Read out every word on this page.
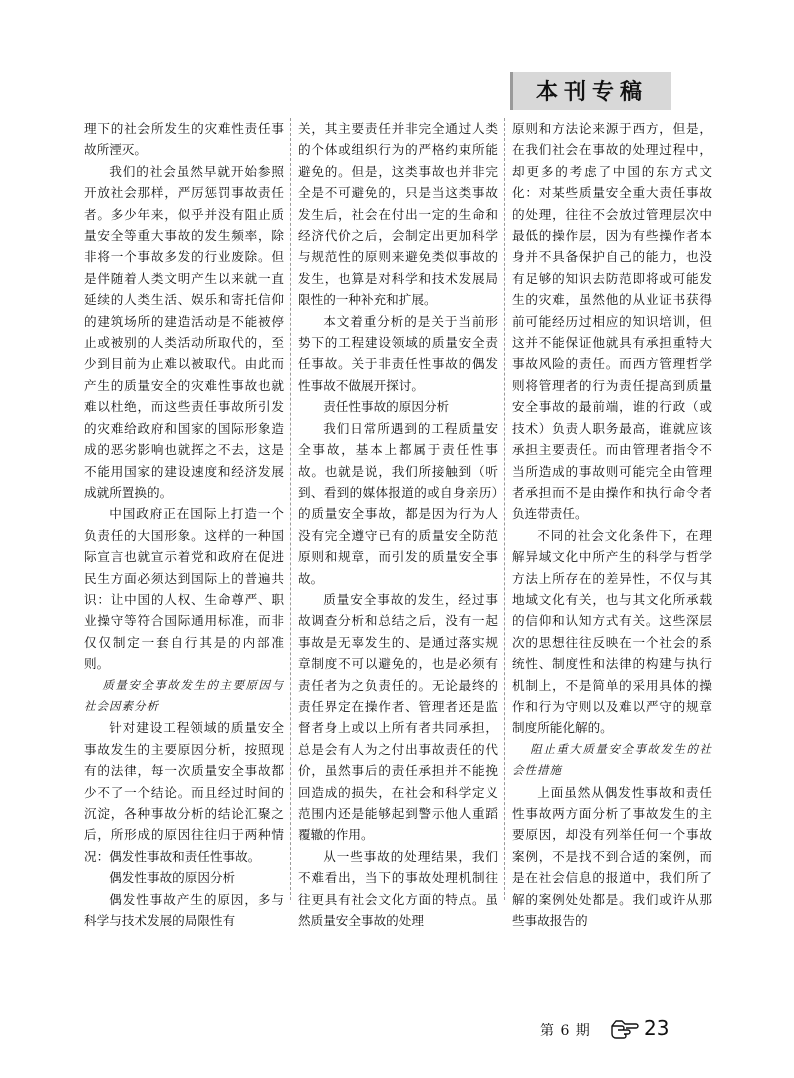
本刊专稿

理下的社会所发生的灾难性责任事故所湮灭。

我们的社会虽然早就开始参照开放社会那样，严厉惩罚事故责任者。多少年来，似乎并没有阻止质量安全等重大事故的发生频率，除非将一个事故多发的行业废除。但是伴随着人类文明产生以来就一直延续的人类生活、娱乐和寄托信仰的建筑场所的建造活动是不能被停止或被别的人类活动所取代的，至少到目前为止难以被取代。由此而产生的质量安全的灾难性事故也就难以杜绝，而这些责任事故所引发的灾难给政府和国家的国际形象造成的恶劣影响也就挥之不去，这是不能用国家的建设速度和经济发展成就所置换的。

中国政府正在国际上打造一个负责任的大国形象。这样的一种国际宣言也就宣示着党和政府在促进民生方面必须达到国际上的普遍共识：让中国的人权、生命尊严、职业操守等符合国际通用标准，而非仅仅制定一套自行其是的内部准则。

质量安全事故发生的主要原因与社会因素分析

针对建设工程领域的质量安全事故发生的主要原因分析，按照现有的法律，每一次质量安全事故都少不了一个结论。而且经过时间的沉淀，各种事故分析的结论汇聚之后，所形成的原因往往归于两种情况：偶发性事故和责任性事故。

偶发性事故的原因分析

偶发性事故产生的原因，多与科学与技术发展的局限性有

关，其主要责任并非完全通过人类的个体或组织行为的严格约束所能避免的。但是，这类事故也并非完全是不可避免的，只是当这类事故发生后，社会在付出一定的生命和经济代价之后，会制定出更加科学与规范性的原则来避免类似事故的发生，也算是对科学和技术发展局限性的一种补充和扩展。

本文着重分析的是关于当前形势下的工程建设领域的质量安全责任事故。关于非责任性事故的偶发性事故不做展开探讨。

责任性事故的原因分析

我们日常所遇到的工程质量安全事故，基本上都属于责任性事故。也就是说，我们所接触到（听到、看到的媒体报道的或自身亲历）的质量安全事故，都是因为行为人没有完全遵守已有的质量安全防范原则和规章，而引发的质量安全事故。

质量安全事故的发生，经过事故调查分析和总结之后，没有一起事故是无辜发生的、是通过落实规章制度不可以避免的，也是必须有责任者为之负责任的。无论最终的责任界定在操作者、管理者还是监督者身上或以上所有者共同承担，总是会有人为之付出事故责任的代价，虽然事后的责任承担并不能挽回造成的损失，在社会和科学定义范围内还是能够起到警示他人重蹈覆辙的作用。

从一些事故的处理结果，我们不难看出，当下的事故处理机制往往更具有社会文化方面的特点。虽然质量安全事故的处理

原则和方法论来源于西方，但是，在我们社会在事故的处理过程中，却更多的考虑了中国的东方式文化：对某些质量安全重大责任事故的处理，往往不会放过管理层次中最低的操作层，因为有些操作者本身并不具备保护自己的能力，也没有足够的知识去防范即将或可能发生的灾难，虽然他的从业证书获得前可能经历过相应的知识培训，但这并不能保证他就具有承担重特大事故风险的责任。而西方管理哲学则将管理者的行为责任提高到质量安全事故的最前端，谁的行政（或技术）负责人职务最高，谁就应该承担主要责任。而由管理者指令不当所造成的事故则可能完全由管理者承担而不是由操作和执行命令者负连带责任。

不同的社会文化条件下，在理解异域文化中所产生的科学与哲学方法上所存在的差异性，不仅与其地域文化有关，也与其文化所承载的信仰和认知方式有关。这些深层次的思想往往反映在一个社会的系统性、制度性和法律的构建与执行机制上，不是简单的采用具体的操作和行为守则以及难以严守的规章制度所能化解的。

阻止重大质量安全事故发生的社会性措施

上面虽然从偶发性事故和责任性事故两方面分析了事故发生的主要原因，却没有列举任何一个事故案例，不是找不到合适的案例，而是在社会信息的报道中，我们所了解的案例处处都是。我们或许从那些事故报告的

第 6 期	23
